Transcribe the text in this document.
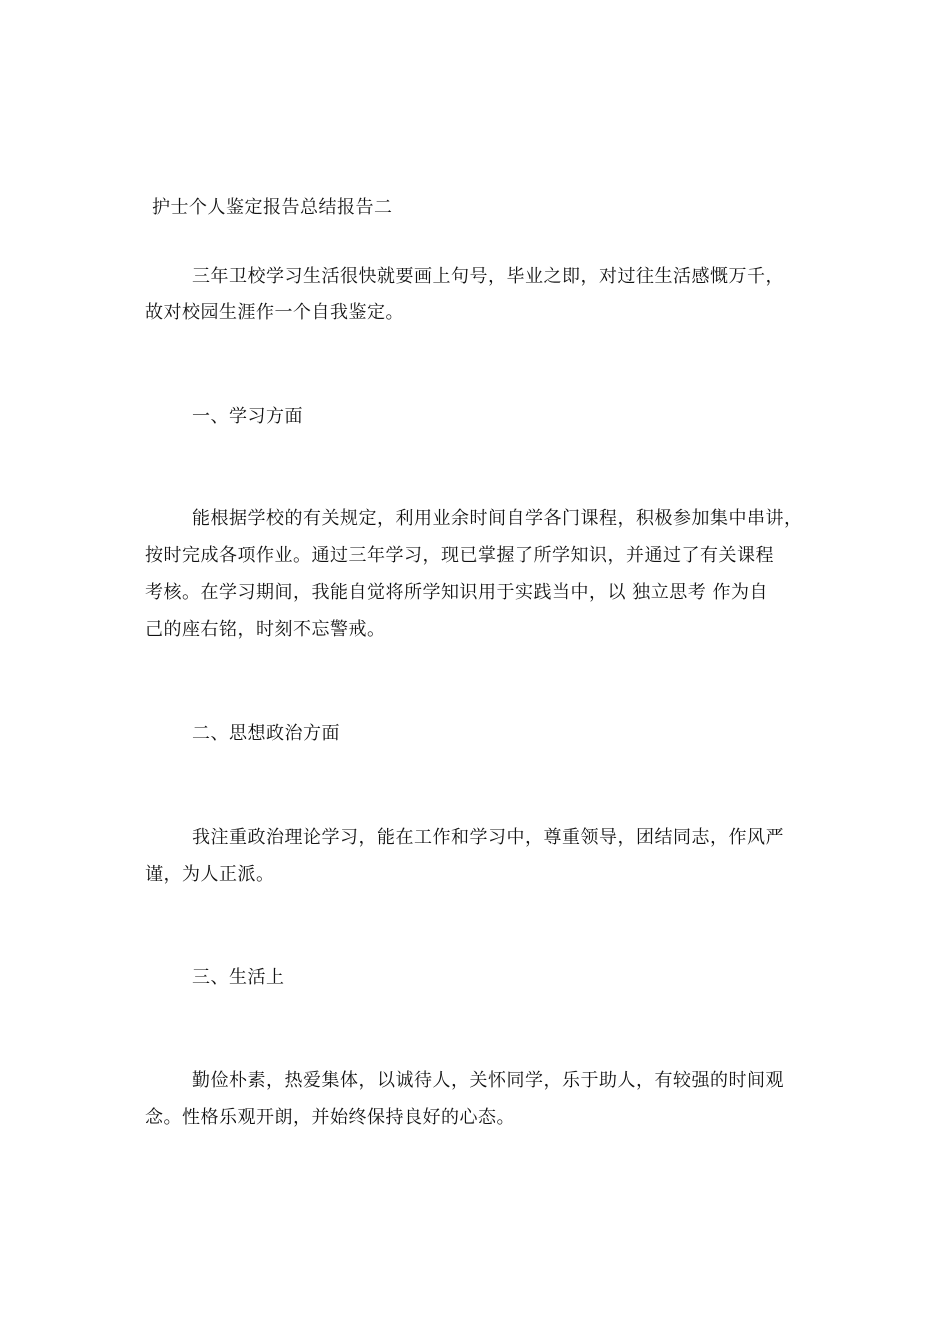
护士个人鉴定报告总结报告二
三年卫校学习生活很快就要画上句号，毕业之即，对过往生活感慨万千，
故对校园生涯作一个自我鉴定。
一、学习方面
能根据学校的有关规定，利用业余时间自学各门课程，积极参加集中串讲，
按时完成各项作业。通过三年学习，现已掌握了所学知识，并通过了有关课程
考核。在学习期间，我能自觉将所学知识用于实践当中，以 独立思考 作为自
己的座右铭，时刻不忘警戒。
二、思想政治方面
我注重政治理论学习，能在工作和学习中，尊重领导，团结同志，作风严
谨，为人正派。
三、生活上
勤俭朴素，热爱集体，以诚待人，关怀同学，乐于助人，有较强的时间观
念。性格乐观开朗，并始终保持良好的心态。
